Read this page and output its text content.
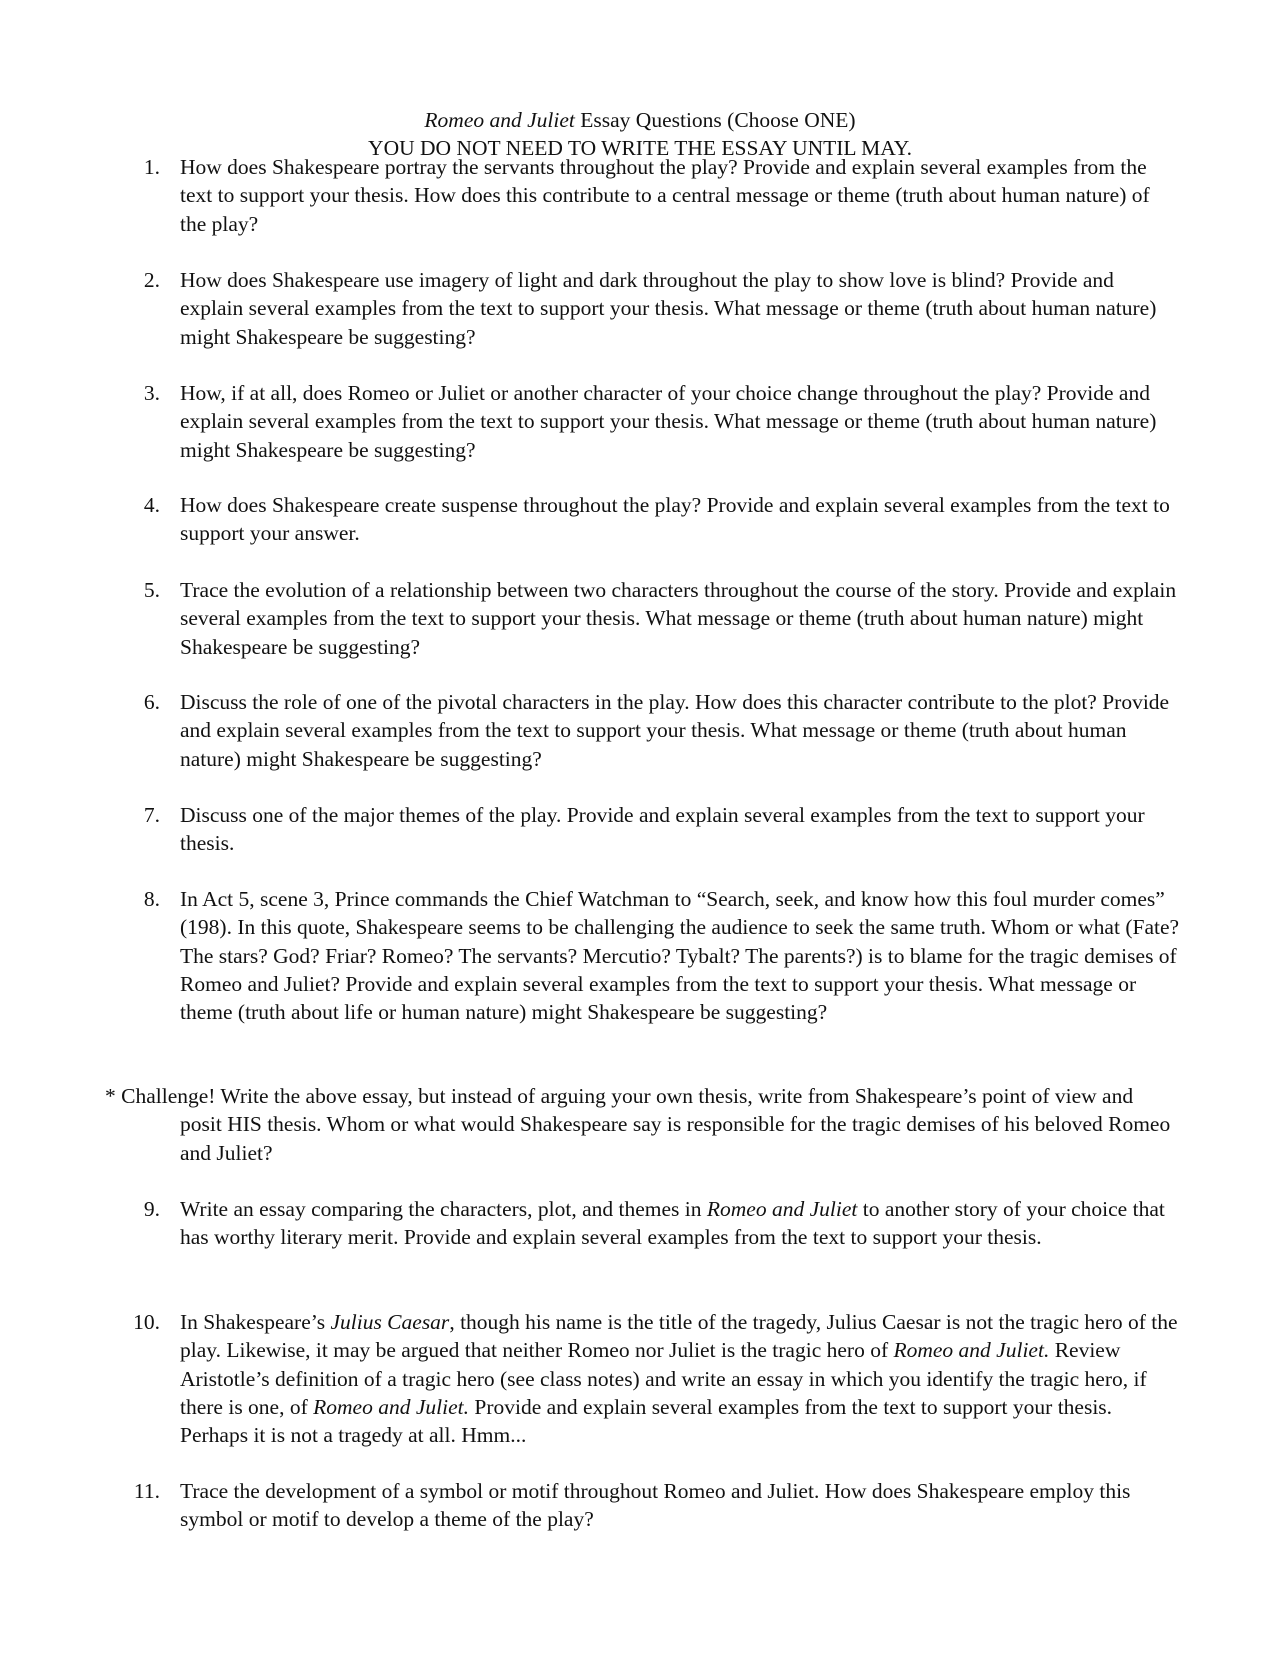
Romeo and Juliet Essay Questions (Choose ONE)
YOU DO NOT NEED TO WRITE THE ESSAY UNTIL MAY.

1. How does Shakespeare portray the servants throughout the play? Provide and explain several examples from the text to support your thesis. How does this contribute to a central message or theme (truth about human nature) of the play?

2. How does Shakespeare use imagery of light and dark throughout the play to show love is blind? Provide and explain several examples from the text to support your thesis. What message or theme (truth about human nature) might Shakespeare be suggesting?

3. How, if at all, does Romeo or Juliet or another character of your choice change throughout the play? Provide and explain several examples from the text to support your thesis. What message or theme (truth about human nature) might Shakespeare be suggesting?

4. How does Shakespeare create suspense throughout the play? Provide and explain several examples from the text to support your answer.

5. Trace the evolution of a relationship between two characters throughout the course of the story. Provide and explain several examples from the text to support your thesis. What message or theme (truth about human nature) might Shakespeare be suggesting?

6. Discuss the role of one of the pivotal characters in the play. How does this character contribute to the plot? Provide and explain several examples from the text to support your thesis. What message or theme (truth about human nature) might Shakespeare be suggesting?

7. Discuss one of the major themes of the play. Provide and explain several examples from the text to support your thesis.

8. In Act 5, scene 3, Prince commands the Chief Watchman to “Search, seek, and know how this foul murder comes” (198). In this quote, Shakespeare seems to be challenging the audience to seek the same truth. Whom or what (Fate? The stars? God? Friar? Romeo? The servants? Mercutio? Tybalt? The parents?) is to blame for the tragic demises of Romeo and Juliet? Provide and explain several examples from the text to support your thesis. What message or theme (truth about life or human nature) might Shakespeare be suggesting?

* Challenge! Write the above essay, but instead of arguing your own thesis, write from Shakespeare’s point of view and posit HIS thesis. Whom or what would Shakespeare say is responsible for the tragic demises of his beloved Romeo and Juliet?

9. Write an essay comparing the characters, plot, and themes in Romeo and Juliet to another story of your choice that has worthy literary merit. Provide and explain several examples from the text to support your thesis.

10. In Shakespeare’s Julius Caesar, though his name is the title of the tragedy, Julius Caesar is not the tragic hero of the play. Likewise, it may be argued that neither Romeo nor Juliet is the tragic hero of Romeo and Juliet. Review Aristotle’s definition of a tragic hero (see class notes) and write an essay in which you identify the tragic hero, if there is one, of Romeo and Juliet. Provide and explain several examples from the text to support your thesis. Perhaps it is not a tragedy at all. Hmm...

11. Trace the development of a symbol or motif throughout Romeo and Juliet. How does Shakespeare employ this symbol or motif to develop a theme of the play?
